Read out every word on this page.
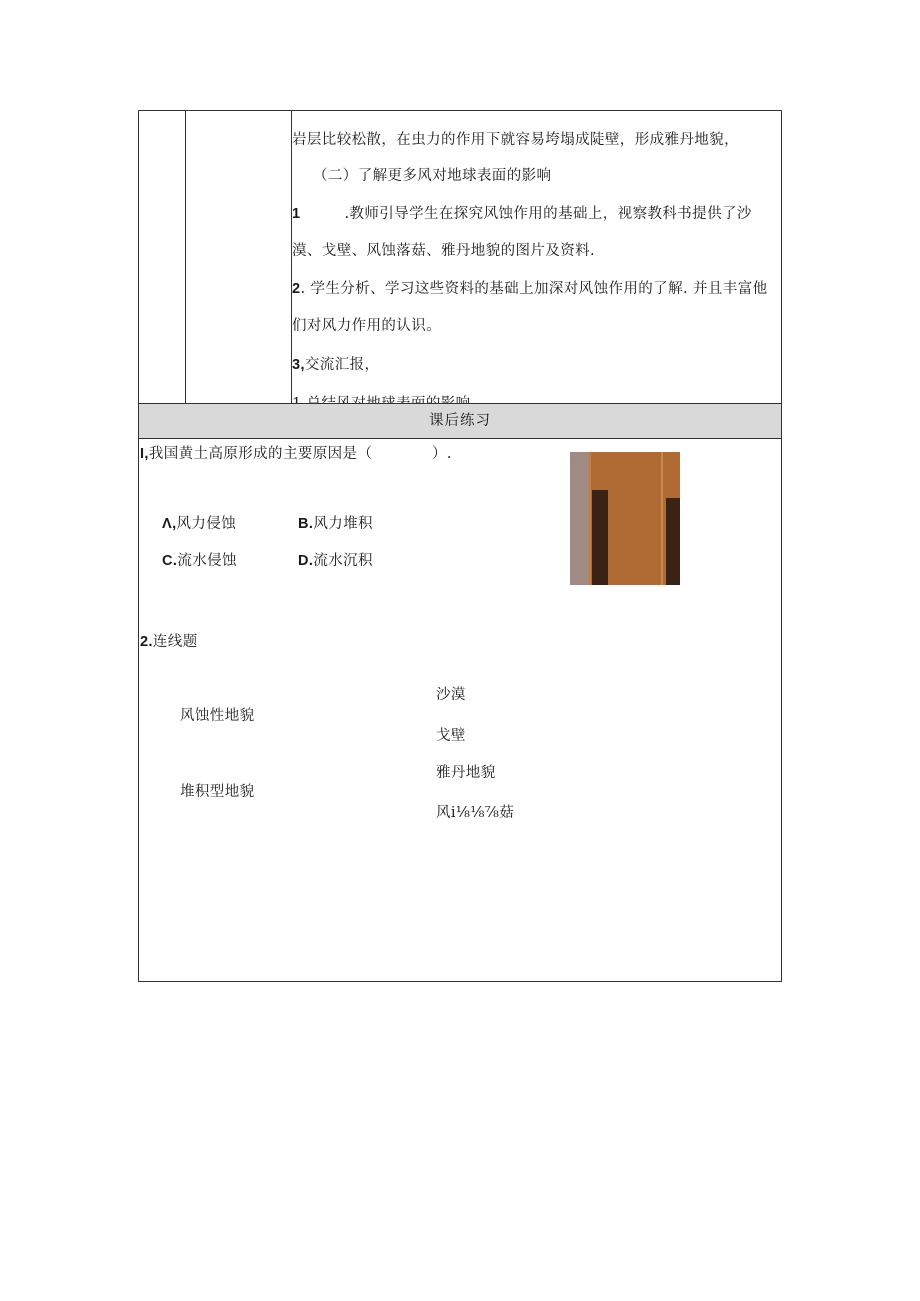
岩层比较松散，在虫力的作用下就容易垮塌成陡壁，形成雅丹地貌，
（二）了解更多风对地球表面的影响
1	.教师引导学生在探究风蚀作用的基础上，视察教科书提供了沙
漠、戈壁、风蚀落菇、雅丹地貌的图片及资料.
2. 学生分析、学习这些资料的基础上加深对风蚀作用的了解. 并且丰富他
们对风力作用的认识。
3,交流汇报，
课后练习
I,我国黄土高原形成的主要原因是（　　　　）.
Λ,风力侵蚀	B.风力堆积
C.流水侵蚀	D.流水沉积
2.连线题
风蚀性地貌
堆积型地貌
沙漠
戈壁
雅丹地貌
风i⅛⅛⅞菇
